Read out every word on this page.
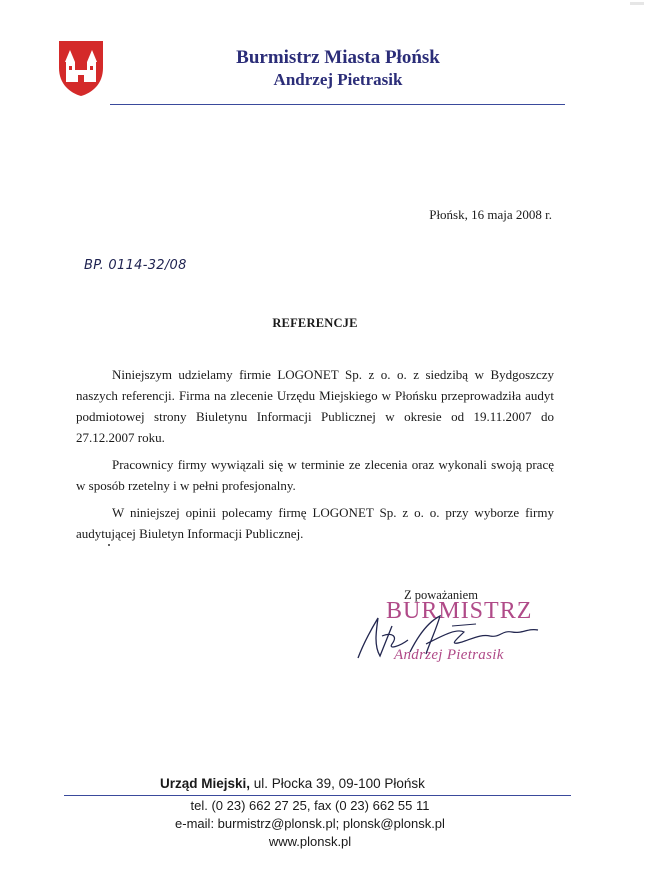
Burmistrz Miasta Płońsk
Andrzej Pietrasik
Płońsk, 16 maja 2008 r.
BP. 0114-32/08
REFERENCJE

Niniejszym udzielamy firmie LOGONET Sp. z o. o. z siedzibą w Bydgoszczy naszych referencji. Firma na zlecenie Urzędu Miejskiego w Płońsku przeprowadziła audyt podmiotowej strony Biuletynu Informacji Publicznej w okresie od 19.11.2007 do 27.12.2007 roku.

Pracownicy firmy wywiązali się w terminie ze zlecenia oraz wykonali swoją pracę w sposób rzetelny i w pełni profesjonalny.

W niniejszej opinii polecamy firmę LOGONET Sp. z o. o. przy wyborze firmy audytującej Biuletyn Informacji Publicznej.

Z poważaniem
BURMISTRZ
Andrzej Pietrasik
Urząd Miejski, ul. Płocka 39, 09-100 Płońsk
tel. (0 23) 662 27 25, fax (0 23) 662 55 11
e-mail: burmistrz@plonsk.pl; plonsk@plonsk.pl
www.plonsk.pl
